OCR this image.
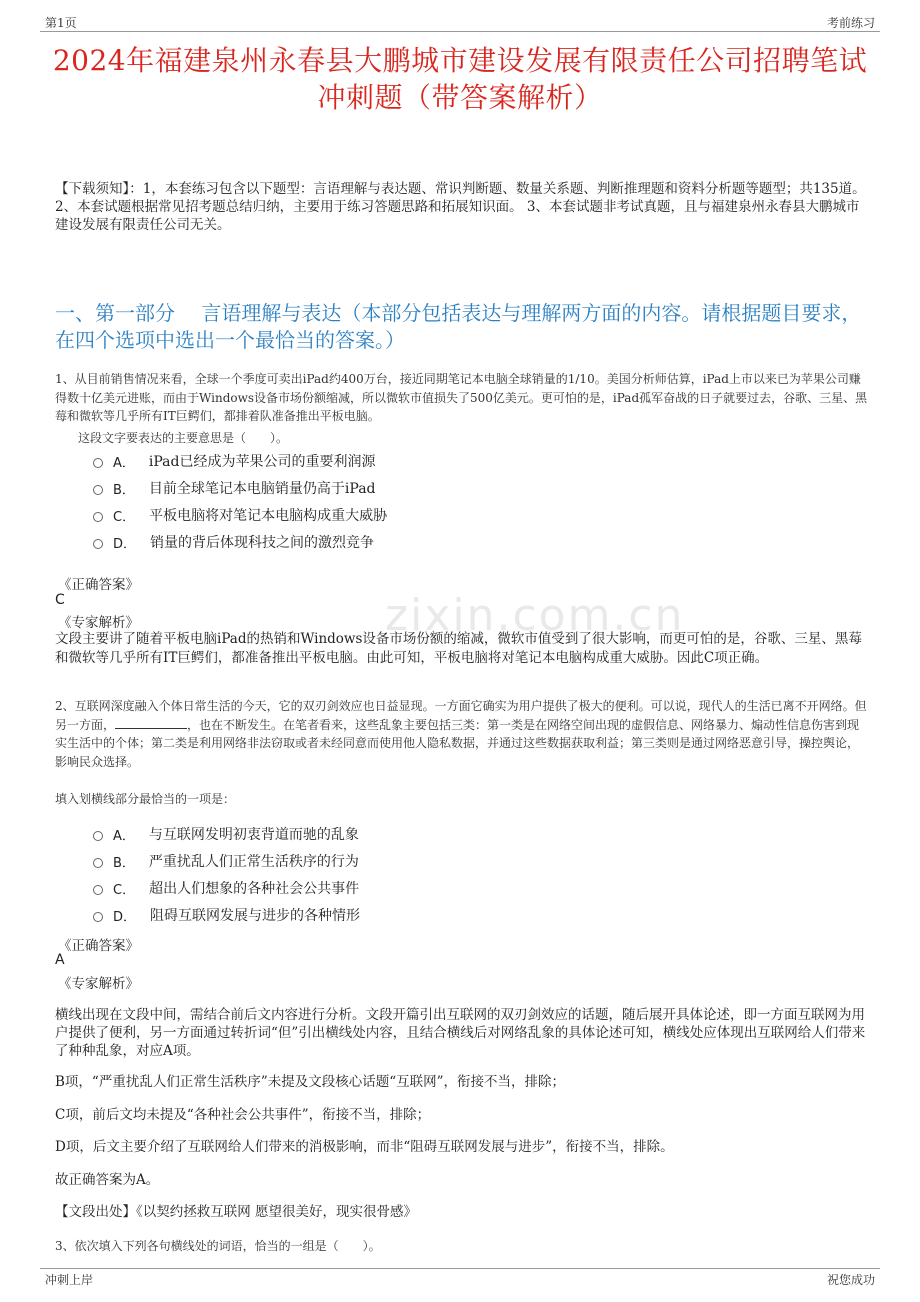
第1页	考前练习
2024年福建泉州永春县大鹏城市建设发展有限责任公司招聘笔试冲刺题（带答案解析）
【下载须知】：1，本套练习包含以下题型：言语理解与表达题、常识判断题、数量关系题、判断推理题和资料分析题等题型；共135道。 2、本套试题根据常见招考题总结归纳，主要用于练习答题思路和拓展知识面。 3、本套试题非考试真题，且与福建泉州永春县大鹏城市建设发展有限责任公司无关。
一、第一部分　 言语理解与表达（本部分包括表达与理解两方面的内容。请根据题目要求，在四个选项中选出一个最恰当的答案。）
zixin.com.cn
1、从目前销售情况来看，全球一个季度可卖出iPad约400万台，接近同期笔记本电脑全球销量的1/10。美国分析师估算，iPad上市以来已为苹果公司赚得数十亿美元进账，而由于Windows设备市场份额缩减，所以微软市值损失了500亿美元。更可怕的是，iPad孤军奋战的日子就要过去，谷歌、三星、黑莓和微软等几乎所有IT巨鳄们，都排着队准备推出平板电脑。
这段文字要表达的主要意思是（　　）。
A． iPad已经成为苹果公司的重要利润源
B． 目前全球笔记本电脑销量仍高于iPad
C． 平板电脑将对笔记本电脑构成重大威胁
D． 销量的背后体现科技之间的激烈竞争
《正确答案》
C
《专家解析》
文段主要讲了随着平板电脑iPad的热销和Windows设备市场份额的缩减，微软市值受到了很大影响，而更可怕的是，谷歌、三星、黑莓和微软等几乎所有IT巨鳄们，都准备推出平板电脑。由此可知，平板电脑将对笔记本电脑构成重大威胁。因此C项正确。
2、互联网深度融入个体日常生活的今天，它的双刃剑效应也日益显现。一方面它确实为用户提供了极大的便利。可以说，现代人的生活已离不开网络。但另一方面，	，也在不断发生。在笔者看来，这些乱象主要包括三类：第一类是在网络空间出现的虚假信息、网络暴力、煽动性信息伤害到现实生活中的个体；第二类是利用网络非法窃取或者未经同意而使用他人隐私数据，并通过这些数据获取利益；第三类则是通过网络恶意引导，操控舆论，影响民众选择。
填入划横线部分最恰当的一项是：
A． 与互联网发明初衷背道而驰的乱象
B． 严重扰乱人们正常生活秩序的行为
C． 超出人们想象的各种社会公共事件
D． 阻碍互联网发展与进步的各种情形
《正确答案》
A
《专家解析》
横线出现在文段中间，需结合前后文内容进行分析。文段开篇引出互联网的双刃剑效应的话题，随后展开具体论述，即一方面互联网为用户提供了便利，另一方面通过转折词“但”引出横线处内容，且结合横线后对网络乱象的具体论述可知，横线处应体现出互联网给人们带来了种种乱象，对应A项。
B项，“严重扰乱人们正常生活秩序”未提及文段核心话题“互联网”，衔接不当，排除；
C项，前后文均未提及“各种社会公共事件”，衔接不当，排除；
D项，后文主要介绍了互联网给人们带来的消极影响，而非“阻碍互联网发展与进步”，衔接不当，排除。
故正确答案为A。
【文段出处】《以契约拯救互联网 愿望很美好，现实很骨感》
3、依次填入下列各句横线处的词语，恰当的一组是（　　）。
冲刺上岸	祝您成功
